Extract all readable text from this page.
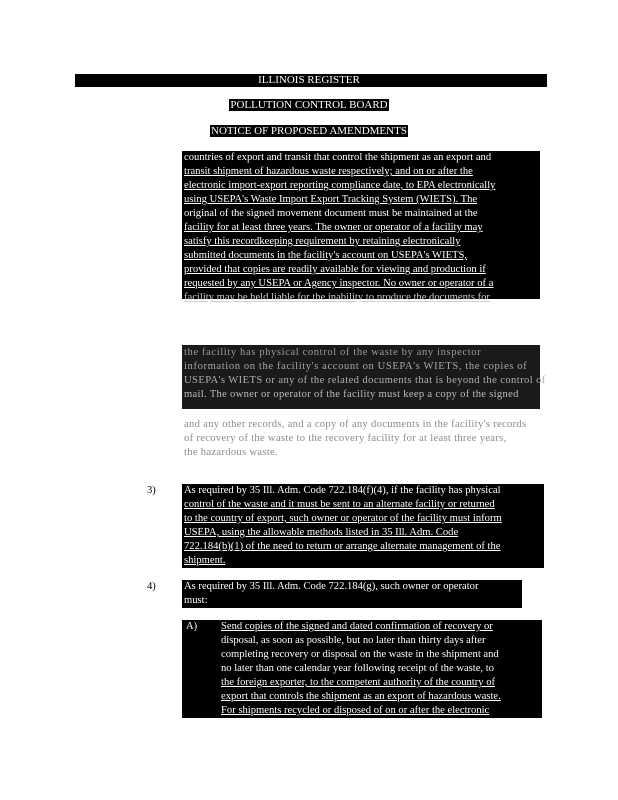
ILLINOIS REGISTER
POLLUTION CONTROL BOARD
NOTICE OF PROPOSED AMENDMENTS
countries of export and transit that control the shipment as an export and
transit shipment of hazardous waste respectively; and on or after the
electronic import-export reporting compliance date, to EPA electronically
using USEPA's Waste Import Export Tracking System (WIETS). The
original of the signed movement document must be maintained at the
facility for at least three years. The owner or operator of a facility may
satisfy this recordkeeping requirement by retaining electronically
submitted documents in the facility's account on USEPA's WIETS,
provided that copies are readily available for viewing and production if
requested by any USEPA or Agency inspector. No owner or operator of a
facility may be held liable for the inability to produce the documents for
the facility has physical control of the waste by any inspector
information on the facility's account on USEPA's WIETS, the copies of
USEPA's WIETS or any of the related documents that is beyond the control of
mail. The owner or operator of the facility must keep a copy of the signed
and any other records, and a copy of any documents in the facility's records
of recovery of the waste to the recovery facility for at least three years,
the hazardous waste.
3)	As required by 35 Ill. Adm. Code 722.184(f)(4), if the facility has physical
control of the waste and it must be sent to an alternate facility or returned
to the country of export, such owner or operator of the facility must inform
USEPA, using the allowable methods listed in 35 Ill. Adm. Code
722.184(b)(1) of the need to return or arrange alternate management of the
shipment.
4)	As required by 35 Ill. Adm. Code 722.184(g), such owner or operator
must:
A) Send copies of the signed and dated confirmation of recovery or
disposal, as soon as possible, but no later than thirty days after
completing recovery or disposal on the waste in the shipment and
no later than one calendar year following receipt of the waste, to
the foreign exporter, to the competent authority of the country of
export that controls the shipment as an export of hazardous waste.
For shipments recycled or disposed of on or after the electronic
